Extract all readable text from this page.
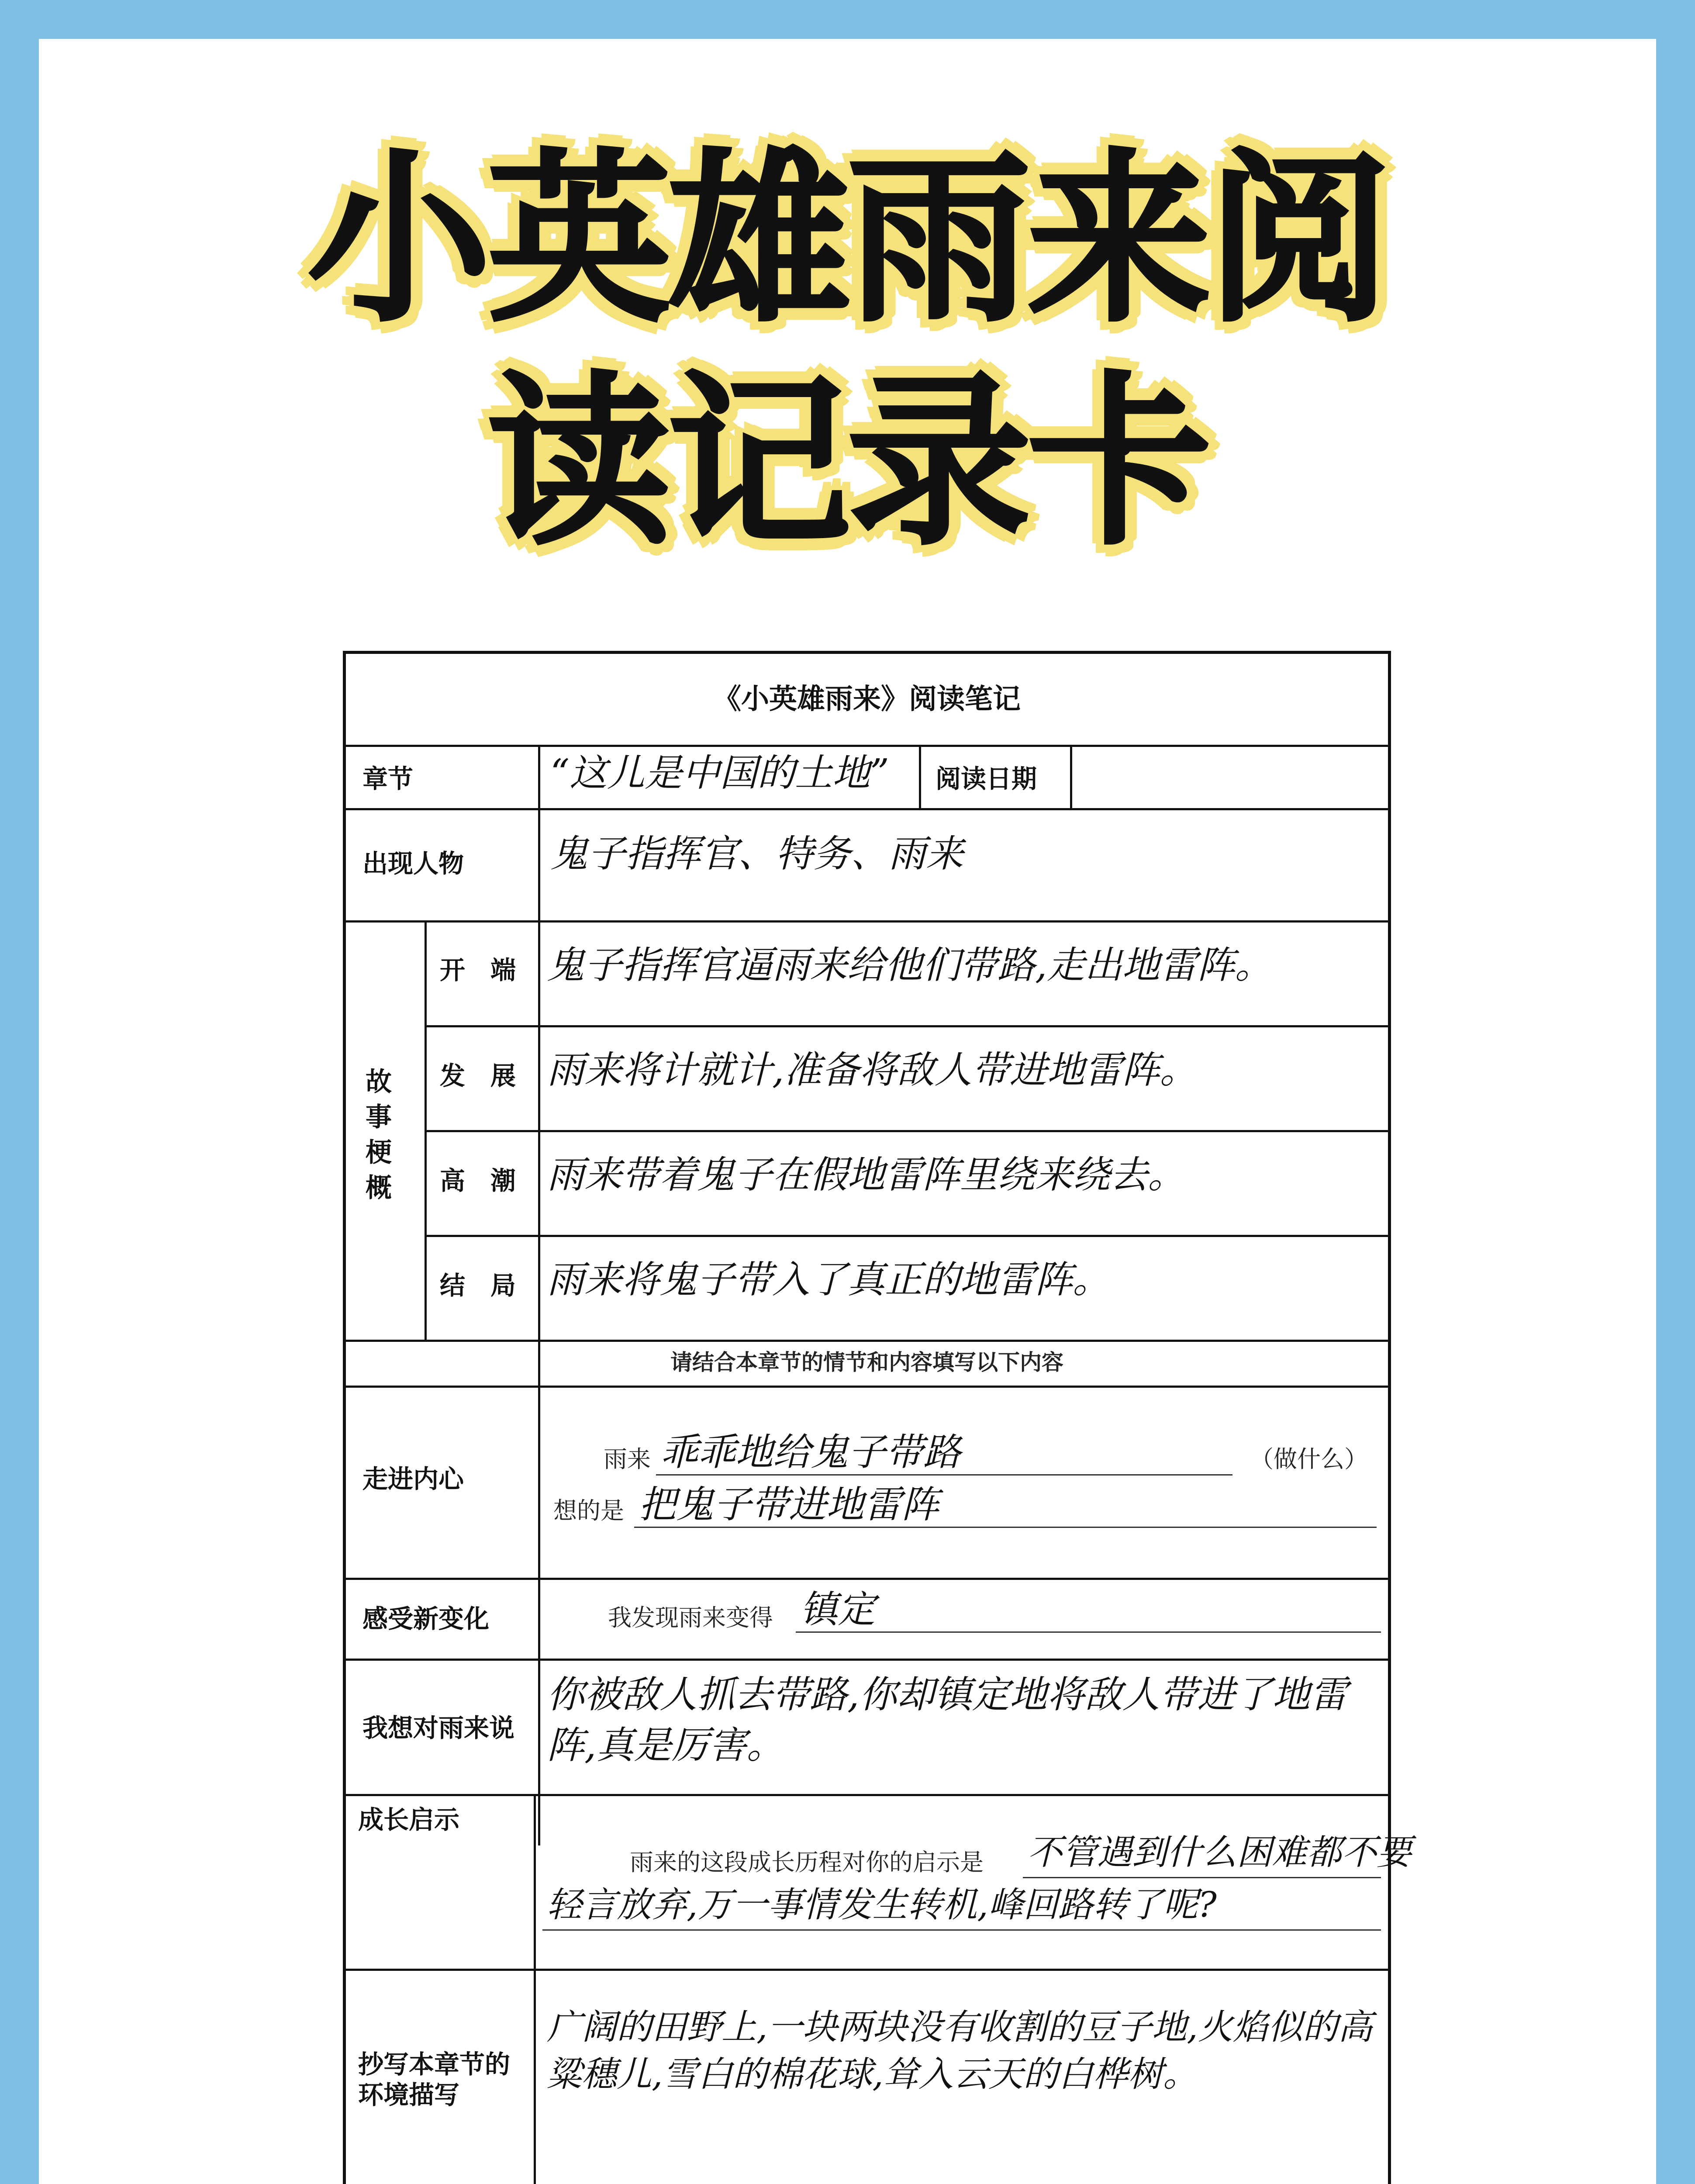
小英雄雨来阅
读记录卡
《小英雄雨来》阅读笔记
章节	“这儿是中国的土地” 阅读日期
出现人物 鬼子指挥官、特务、雨来
故
事
梗
概
开　端 鬼子指挥官逼雨来给他们带路,走出地雷阵。
发　展 雨来将计就计,准备将敌人带进地雷阵。
高　潮 雨来带着鬼子在假地雷阵里绕来绕去。
结　局 雨来将鬼子带入了真正的地雷阵。
请结合本章节的情节和内容填写以下内容
走进内心
雨来 乖乖地给鬼子带路	（做什么）
想的是 把鬼子带进地雷阵
感受新变化	我发现雨来变得 镇定
我想对雨来说
你被敌人抓去带路,你却镇定地将敌人带进了地雷阵,真是厉害。
成长启示
雨来的这段成长历程对你的启示是 不管遇到什么困难都不要
轻言放弃,万一事情发生转机,峰回路转了呢?
抄写本章节的环境描写
广阔的田野上,一块两块没有收割的豆子地,火焰似的高粱穗儿,雪白的棉花球,耸入云天的白桦树。
